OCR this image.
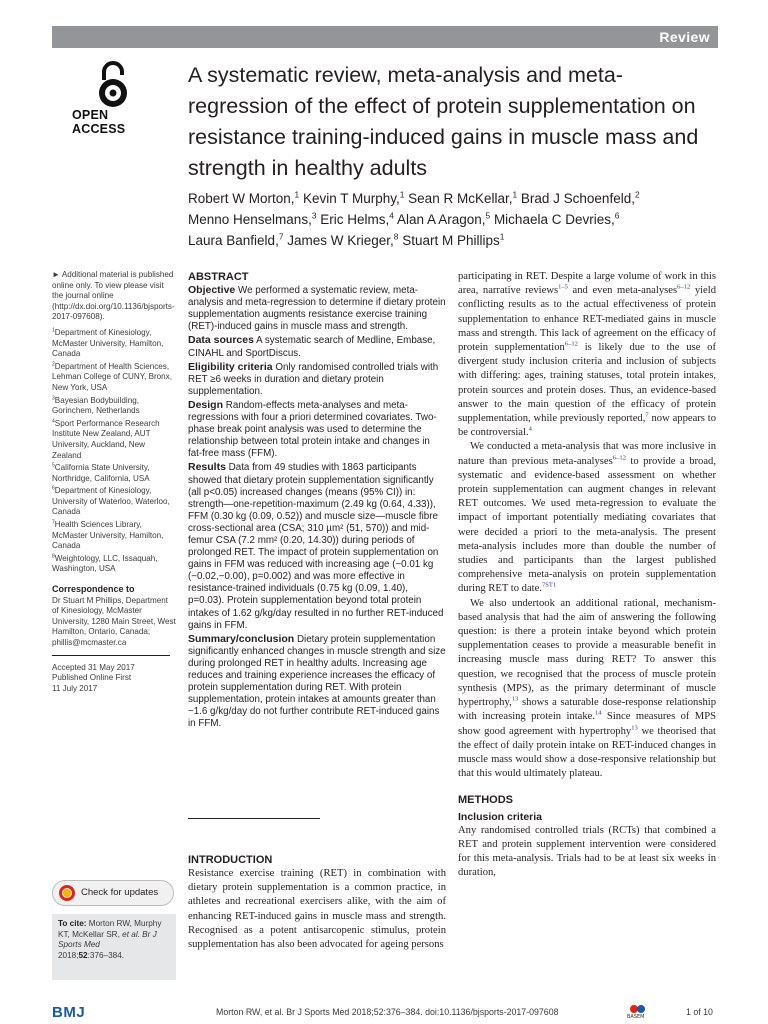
Review
OPEN ACCESS
A systematic review, meta-analysis and meta-regression of the effect of protein supplementation on resistance training-induced gains in muscle mass and strength in healthy adults
Robert W Morton,$^1$ Kevin T Murphy,$^1$ Sean R McKellar,$^1$ Brad J Schoenfeld,$^2$
Menno Henselmans,$^3$ Eric Helms,$^4$ Alan A Aragon,$^5$ Michaela C Devries,$^6$
Laura Banfield,$^7$ James W Krieger,$^8$ Stuart M Phillips$^1$

► Additional material is published online only. To view please visit the journal online (http://dx.doi.org/10.1136/bjsports-2017-097608).

$^1$Department of Kinesiology, McMaster University, Hamilton, Canada
$^2$Department of Health Sciences, Lehman College of CUNY, Bronx, New York, USA
$^3$Bayesian Bodybuilding, Gorinchem, Netherlands
$^4$Sport Performance Research Institute New Zealand, AUT University, Auckland, New Zealand
$^5$California State University, Northridge, California, USA
$^6$Department of Kinesiology, University of Waterloo, Waterloo, Canada
$^7$Health Sciences Library, McMaster University, Hamilton, Canada
$^8$Weightology, LLC, Issaquah, Washington, USA
Correspondence to

Dr Stuart M Phillips, Department of Kinesiology, McMaster University, 1280 Main Street, West Hamilton, Ontario, Canada; phillis@mcmaster.ca

Accepted 31 May 2017
Published Online First
11 July 2017
Check for updates
To cite: Morton RW, Murphy KT, McKellar SR, et al. Br J Sports Med
2018;52:376–384.
ABSTRACT
Objective We performed a systematic review, meta-analysis and meta-regression to determine if dietary protein supplementation augments resistance exercise training (RET)-induced gains in muscle mass and strength.
Data sources A systematic search of Medline, Embase, CINAHL and SportDiscus.
Eligibility criteria Only randomised controlled trials with RET ≥6 weeks in duration and dietary protein supplementation.
Design Random-effects meta-analyses and meta-regressions with four a priori determined covariates. Two-phase break point analysis was used to determine the relationship between total protein intake and changes in fat-free mass (FFM).
Results Data from 49 studies with 1863 participants showed that dietary protein supplementation significantly (all p<0.05) increased changes (means (95% CI)) in: strength—one-repetition-maximum (2.49 kg (0.64, 4.33)), FFM (0.30 kg (0.09, 0.52)) and muscle size—muscle fibre cross-sectional area (CSA; 310 µm² (51, 570)) and mid-femur CSA (7.2 mm² (0.20, 14.30)) during periods of prolonged RET. The impact of protein supplementation on gains in FFM was reduced with increasing age (−0.01 kg (−0.02,−0.00), p=0.002) and was more effective in resistance-trained individuals (0.75 kg (0.09, 1.40), p=0.03). Protein supplementation beyond total protein intakes of 1.62 g/kg/day resulted in no further RET-induced gains in FFM.
Summary/conclusion Dietary protein supplementation significantly enhanced changes in muscle strength and size during prolonged RET in healthy adults. Increasing age reduces and training experience increases the efficacy of protein supplementation during RET. With protein supplementation, protein intakes at amounts greater than ~1.6 g/kg/day do not further contribute RET-induced gains in FFM.
INTRODUCTION
Resistance exercise training (RET) in combination with dietary protein supplementation is a common practice, in athletes and recreational exercisers alike, with the aim of enhancing RET-induced gains in muscle mass and strength. Recognised as a potent antisarcopenic stimulus, protein supplementation has also been advocated for ageing persons

participating in RET. Despite a large volume of work in this area, narrative reviews$^{1-5}$ and even meta-analyses$^{6-12}$ yield conflicting results as to the actual effectiveness of protein supplementation to enhance RET-mediated gains in muscle mass and strength. This lack of agreement on the efficacy of protein supplementation$^{6-12}$ is likely due to the use of divergent study inclusion criteria and inclusion of subjects with differing: ages, training statuses, total protein intakes, protein sources and protein doses. Thus, an evidence-based answer to the main question of the efficacy of protein supplementation, while previously reported,$^7$ now appears to be controversial.$^4$

We conducted a meta-analysis that was more inclusive in nature than previous meta-analyses$^{6-12}$ to provide a broad, systematic and evidence-based assessment on whether protein supplementation can augment changes in relevant RET outcomes. We used meta-regression to evaluate the impact of important potentially mediating covariates that were decided a priori to the meta-analysis. The present meta-analysis includes more than double the number of studies and participants than the largest published comprehensive meta-analysis on protein supplementation during RET to date.$^{7ST1}$

We also undertook an additional rational, mechanism-based analysis that had the aim of answering the following question: is there a protein intake beyond which protein supplementation ceases to provide a measurable benefit in increasing muscle mass during RET? To answer this question, we recognised that the process of muscle protein synthesis (MPS), as the primary determinant of muscle hypertrophy,$^{13}$ shows a saturable dose-response relationship with increasing protein intake.$^{14}$ Since measures of MPS show good agreement with hypertrophy$^{13}$ we theorised that the effect of daily protein intake on RET-induced changes in muscle mass would show a dose-responsive relationship but that this would ultimately plateau.

METHODS
Inclusion criteria

Any randomised controlled trials (RCTs) that combined a RET and protein supplement intervention were considered for this meta-analysis. Trials had to be at least six weeks in duration,

BMJ	Morton RW, et al. Br J Sports Med 2018;52:376–384. doi:10.1136/bjsports-2017-097608	BASEM	1 of 10
